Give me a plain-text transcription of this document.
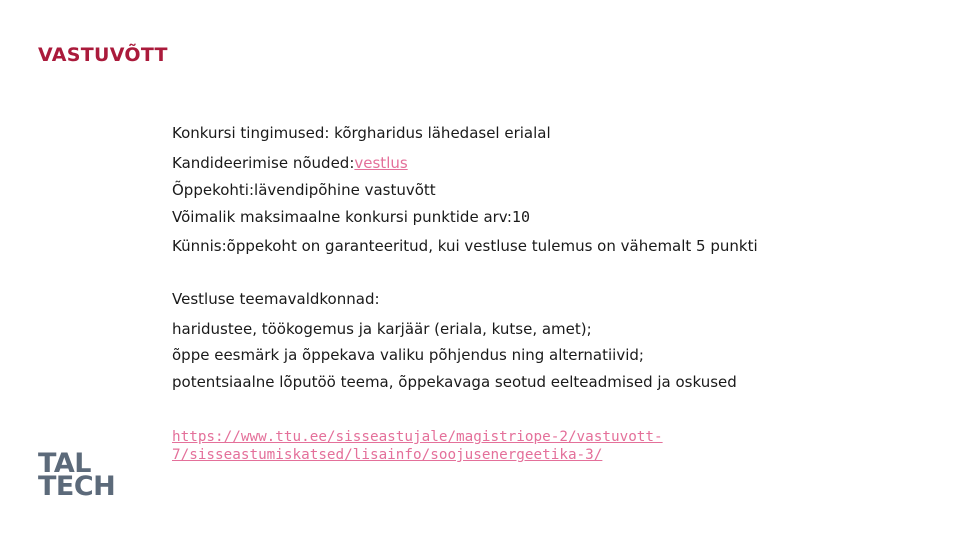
VASTUVÕTT
Konkursi tingimused: kõrgharidus lähedasel erialal
Kandideerimise nõuded:vestlus
Õppekohti:lävendipõhine vastuvõtt
Võimalik maksimaalne konkursi punktide arv:10
Künnis:õppekoht on garanteeritud, kui vestluse tulemus on vähemalt 5 punkti
Vestluse teemavaldkonnad:
haridustee, töökogemus ja karjäär (eriala, kutse, amet);
õppe eesmärk ja õppekava valiku põhjendus ning alternatiivid;
potentsiaalne lõputöö teema, õppekavaga seotud eelteadmised ja oskused
https://www.ttu.ee/sisseastujale/magistriope-2/vastuvott-
7/sisseastumiskatsed/lisainfo/soojusenergeetika-3/
TAL
TECH
